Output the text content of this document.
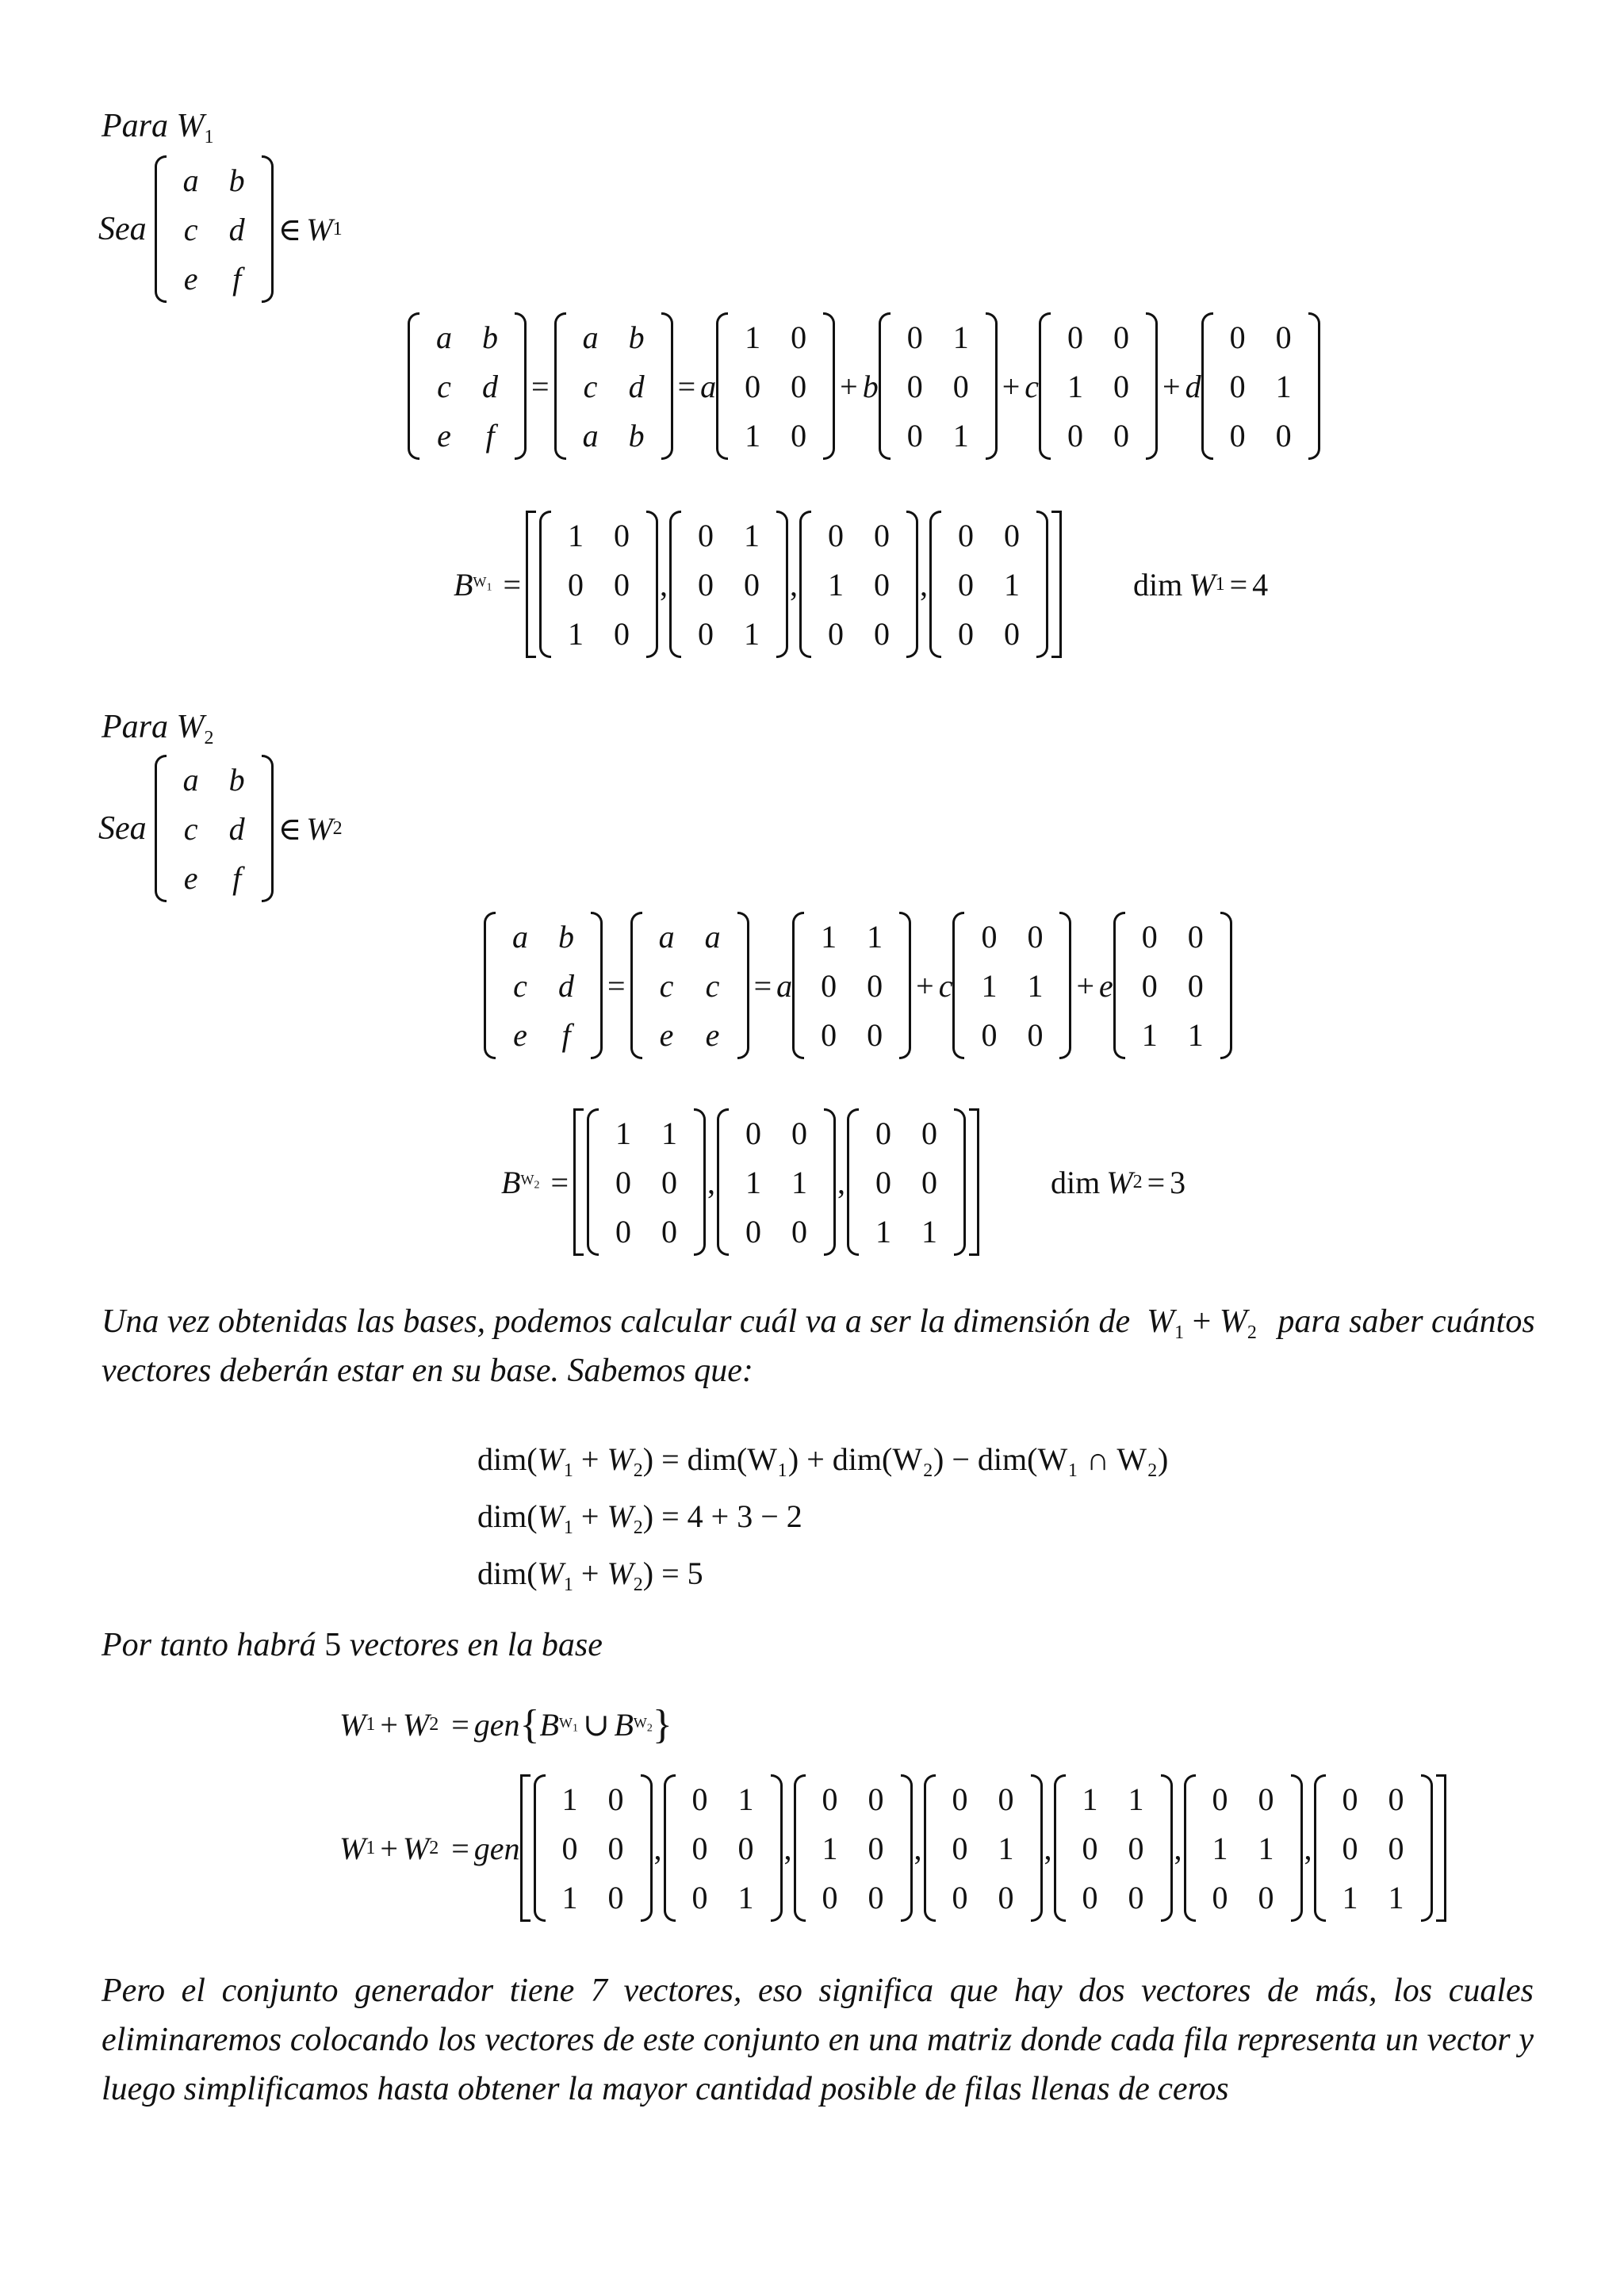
Para $W_1$
Sea
a b
c d
e f
∈ W 1
a b
c d
e f
=
a b
c d
a b
= a
1 0
0 0
1 0
+ b
0 1
0 0
0 1
+ c
0 0
1 0
0 0
+ d
0 0
0 1
0 0
B $W_1$ =
1 0
0 0
1 0
,
0 1
0 0
0 1
,
0 0
1 0
0 0
,
0 0
0 1
0 0
dim W 1 = 4
Para $W_2$
Sea
a b
c d
e f
∈ W 2
a b
c d
e f
=
a a
c c
e e
= a
1 1
0 0
0 0
+ c
0 0
1 1
0 0
+ e
0 0
0 0
1 1
B $W_2$ =
1 1
0 0
0 0
,
0 0
1 1
0 0
,
0 0
0 0
1 1
dim W 2 = 3
Una vez obtenidas las bases, podemos calcular cuál va a ser la dimensión de $W_1 + W_2$ para saber cuántos
vectores deberán estar en su base. Sabemos que:
$dim(W_1 + W_2) = dim(W_1) + dim(W_2) - dim(W_1$ ∩ W₂)
$dim(W_1 + W_2) = 4 + 3 - 2$
$dim(W_1 + W_2) = 5$
Por tanto habrá 5 vectores en la base
W 1 + W 2 = gen { B $W_1$ ∪ B $W_2$ }
W 1 + W 2 = gen
1 0
0 0
1 0
,
0 1
0 0
0 1
,
0 0
1 0
0 0
,
0 0
0 1
0 0
,
1 1
0 0
0 0
,
0 0
1 1
0 0
,
0 0
0 0
1 1
Pero el conjunto generador tiene 7 vectores, eso significa que hay dos vectores de más, los cuales
eliminaremos colocando los vectores de este conjunto en una matriz donde cada fila representa un vector y
luego simplificamos hasta obtener la mayor cantidad posible de filas llenas de ceros
